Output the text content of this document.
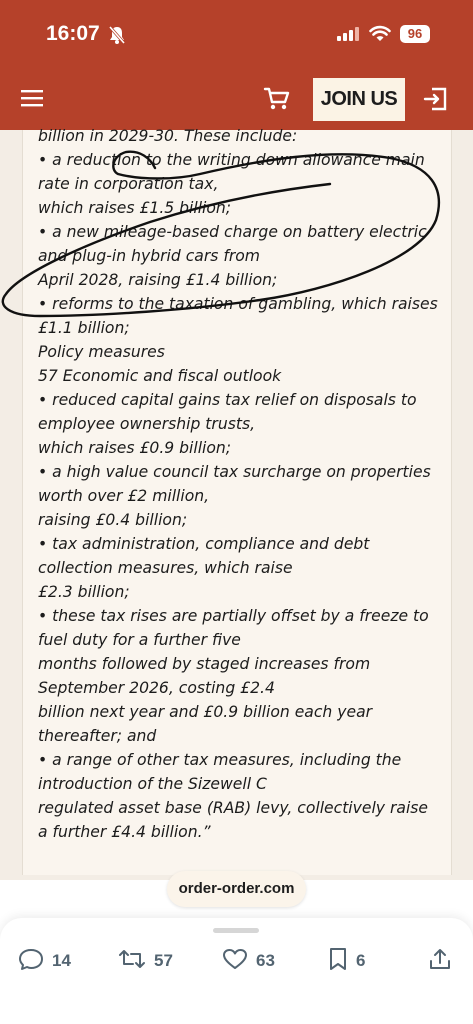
16:07	96
JOIN US
billion in 2029-30. These include:
• a reduction to the writing down allowance main
rate in corporation tax,
which raises £1.5 billion;
• a new mileage-based charge on battery electric
and plug-in hybrid cars from
April 2028, raising £1.4 billion;
• reforms to the taxation of gambling, which raises
£1.1 billion;
Policy measures
57 Economic and fiscal outlook
• reduced capital gains tax relief on disposals to
employee ownership trusts,
which raises £0.9 billion;
• a high value council tax surcharge on properties
worth over £2 million,
raising £0.4 billion;
• tax administration, compliance and debt
collection measures, which raise
£2.3 billion;
• these tax rises are partially offset by a freeze to
fuel duty for a further five
months followed by staged increases from
September 2026, costing £2.4
billion next year and £0.9 billion each year
thereafter; and
• a range of other tax measures, including the
introduction of the Sizewell C
regulated asset base (RAB) levy, collectively raise
a further £4.4 billion.”
order-order.com
14	57	63	6
